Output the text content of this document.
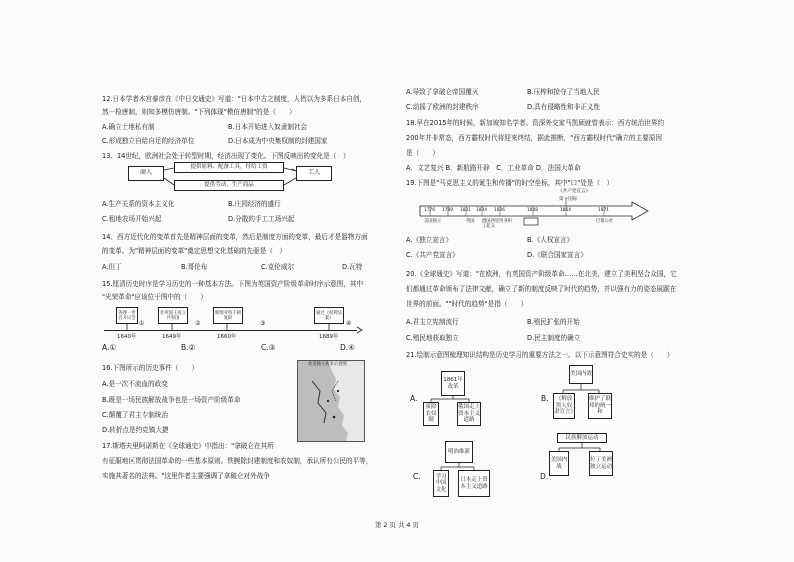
12.日本学者木宫泰彦在《中日交通史》写道："日本中古之制度，人皆以为多系日本自创，
然一检唐制，则知多模仿唐制。"下列体现"模仿唐制"的是（　　）
A.确立土地私有制	B.日本开始进入奴隶制社会
C.形成独立自给自足的经济单位	D.日本成为中央集权制的封建国家
13、14世纪，欧洲社会处于转型时期，经济出现了变化。下图反映出的变化是（　）
商人
提供原料、配备工具，付给工资
提供劳动、生产商品
工人
A.生产关系的资本主义化	B.庄园经济的盛行
C.租地农场开始兴起	D.分散的手工工场兴起
14、西方近代化的变革首先是精神层面的变革，然后是制度方面的变革，最后才是器物方面
的变革。为"精神层面的变革"奠定思想文化基础的先驱是（　）
A.但丁	B.哥伦布	C.克伦威尔	D.瓦特
15.厘清历史时序是学习历史的一种基本方法。下图为英国资产阶级革命时序示意图，其中
"光荣革命"应该位于图中的（　　）
查理一世召开议会
处死国王成立共和国
斯图亚特王朝复辟
通过《权利法案》
①	②	③	④
1640年	1649年	1660年	1689年
A.①	B.②	C.③	D.④
16.下图所示的历史事件（　　）
A.是一次不流血的政变
B.既是一场民族解放战争也是一场资产阶级革命
C.颠覆了君主专制统治
D.转折点是约克镇大捷
北美独立战争示意图
17.斯塔夫里阿诺斯在《全球通史》中指出："拿破仑在其所
有征服地区贯彻法国革命的一些基本原则。铁腕除封建制度和农奴制，承认所有公民的平等，
实施其著名的法典。"这里作者主要强调了拿破仑对外战争
A.导致了拿破仑帝国覆灭	B.压榨和掠夺了当地人民
C.动摇了欧洲的封建秩序	D.具有侵略性和非正义性
18.早在2015年的时候，新加坡知名学者、资深外交家马凯硕就曾表示：西方统治世界约
200年并非常态，西方霸权时代将迎来终结，据此推断，"西方霸权时代"确立的主要原因
是（　　）
A．文艺复兴 B．新航路开辟　C．工业革命 D．法国大革命
19.下图是"马克思主义的诞生和传播"的时空坐标，其中"口"处是（　）
《共产党宣言》
第一国际
1776 1789 1831 1834 1836	1848	1864	1871
美国独立	英国 德国西里西亚织工起义
巴黎公社
A.《独立宣言》	B.《人权宣言》
C.《共产党宣言》	D.《联合国家宣言》
20.《全球通史》写道："在欧洲，有英国资产阶级革命……在北美，建立了美利坚合众国，它
们都通过革命颁布了法律文献，确立了新的制度反映了时代的趋势，并以强有力的姿态展踞在
世界的前面。""时代的趋势"是指（　　）
A.君主立宪制流行	B.殖民扩张的开始
C.殖民地获取独立	D.民主制度的确立
21.绘制示意图梳理知识结构是历史学习的重要方法之一。以下示意图符合史实的是（　　）
1861年改革
废除农奴制
俄国走上资本主义道路
A.
美国内战
《解放黑人奴隶宣言》
维护了联邦的统一和
B.
明治维新
学习中国文化
日本走上资本主义道路
C.
民族解放运动
美国内战
拉丁美洲独立运动
D.
第 2 页 共 4 页
